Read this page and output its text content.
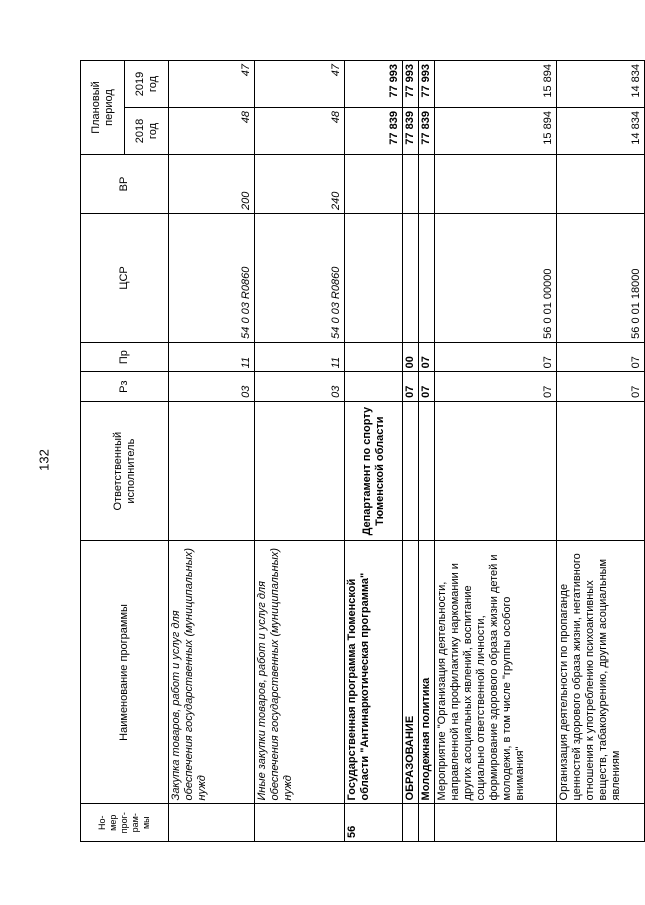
132
Но-
мер
прог-
рам-
мы	Наименование программы	Ответственный исполнитель	Рз	Пр	ЦСР	ВР	Плановый период	
							2018 год	2019 год
	Закупка товаров, работ и услуг для обеспечения государственных (муниципальных) нужд		03	11	54 0 03 R0860	200	48	47
	Иные закупки товаров, работ и услуг для обеспечения государственных (муниципальных) нужд		03	11	54 0 03 R0860	240	48	47
56	Государственная программа Тюменской области "Антинаркотическая программа"	Департамент по спорту Тюменской области					77 839	77 993
	ОБРАЗОВАНИЕ		07	00			77 839	77 993
	Молодежная политика		07	07			77 839	77 993
	Мероприятие "Организация деятельности, направленной на профилактику наркомании и других асоциальных явлений, воспитание социально ответственной личности, формирование здорового образа жизни детей и молодежи, в том числе "группы особого внимания"		07	07	56 0 01 00000		15 894	15 894
	Организация деятельности по пропаганде ценностей здорового образа жизни, негативного отношения к употреблению психоактивных веществ, табакокурению, другим асоциальным явлениям		07	07	56 0 01 18000		14 834	14 834
